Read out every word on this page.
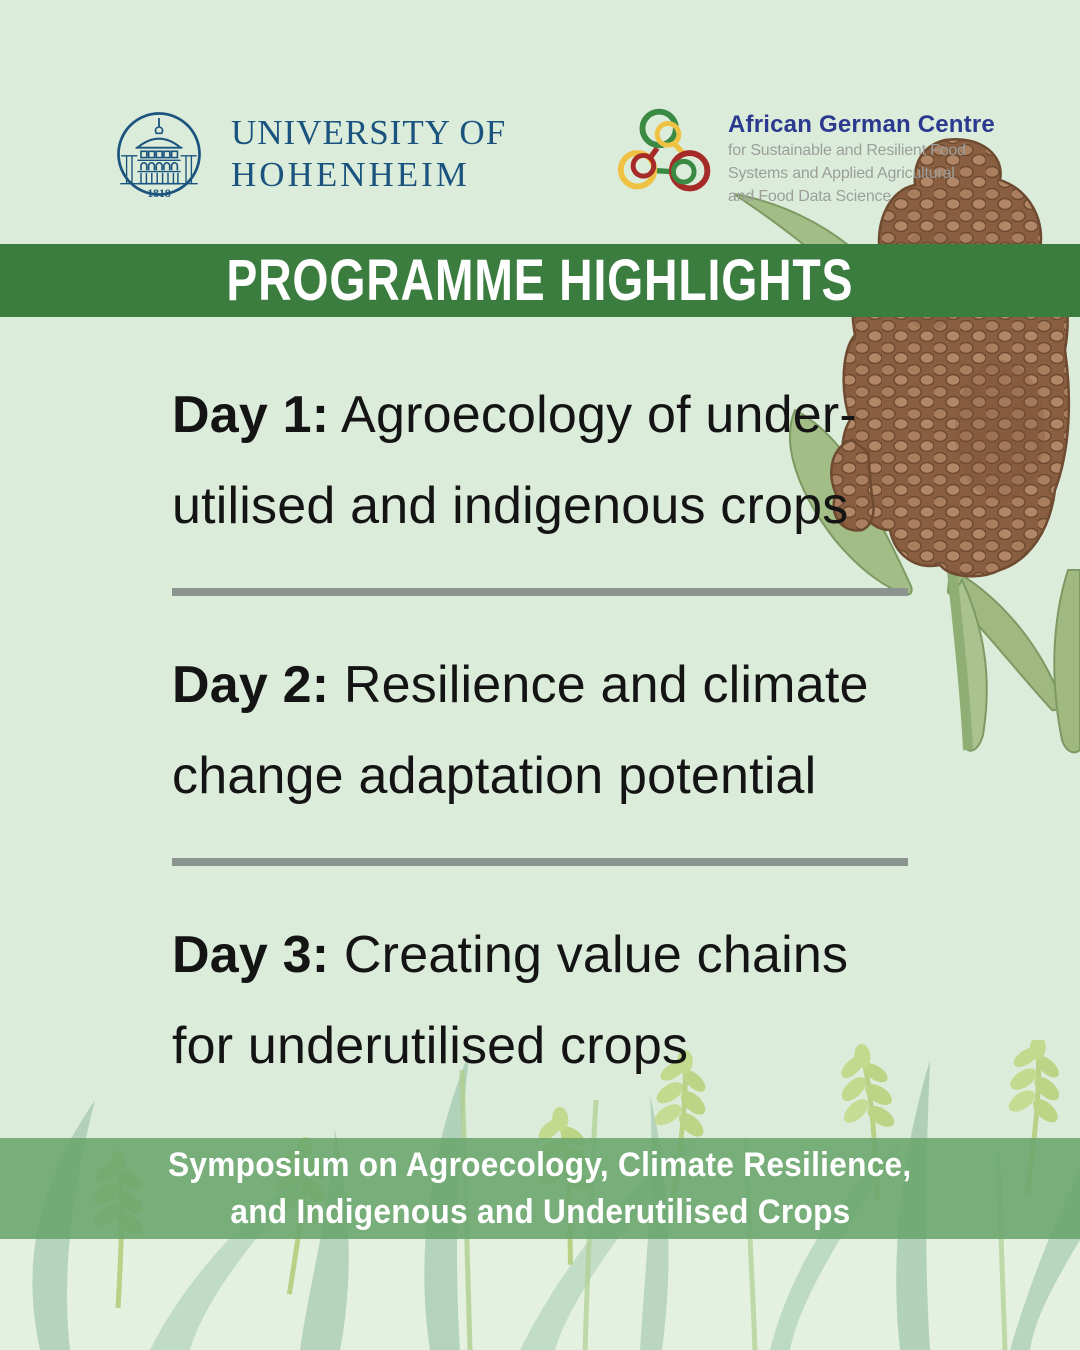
1818
UNIVERSITY OF
HOHENHEIM
African German Centre
for Sustainable and Resilient Food
Systems and Applied Agricultural
and Food Data Science
PROGRAMME HIGHLIGHTS
Day 1: Agroecology of under-
utilised and indigenous crops
Day 2: Resilience and climate
change adaptation potential
Day 3: Creating value chains
for underutilised crops
Symposium on Agroecology, Climate Resilience,
and Indigenous and Underutilised Crops
